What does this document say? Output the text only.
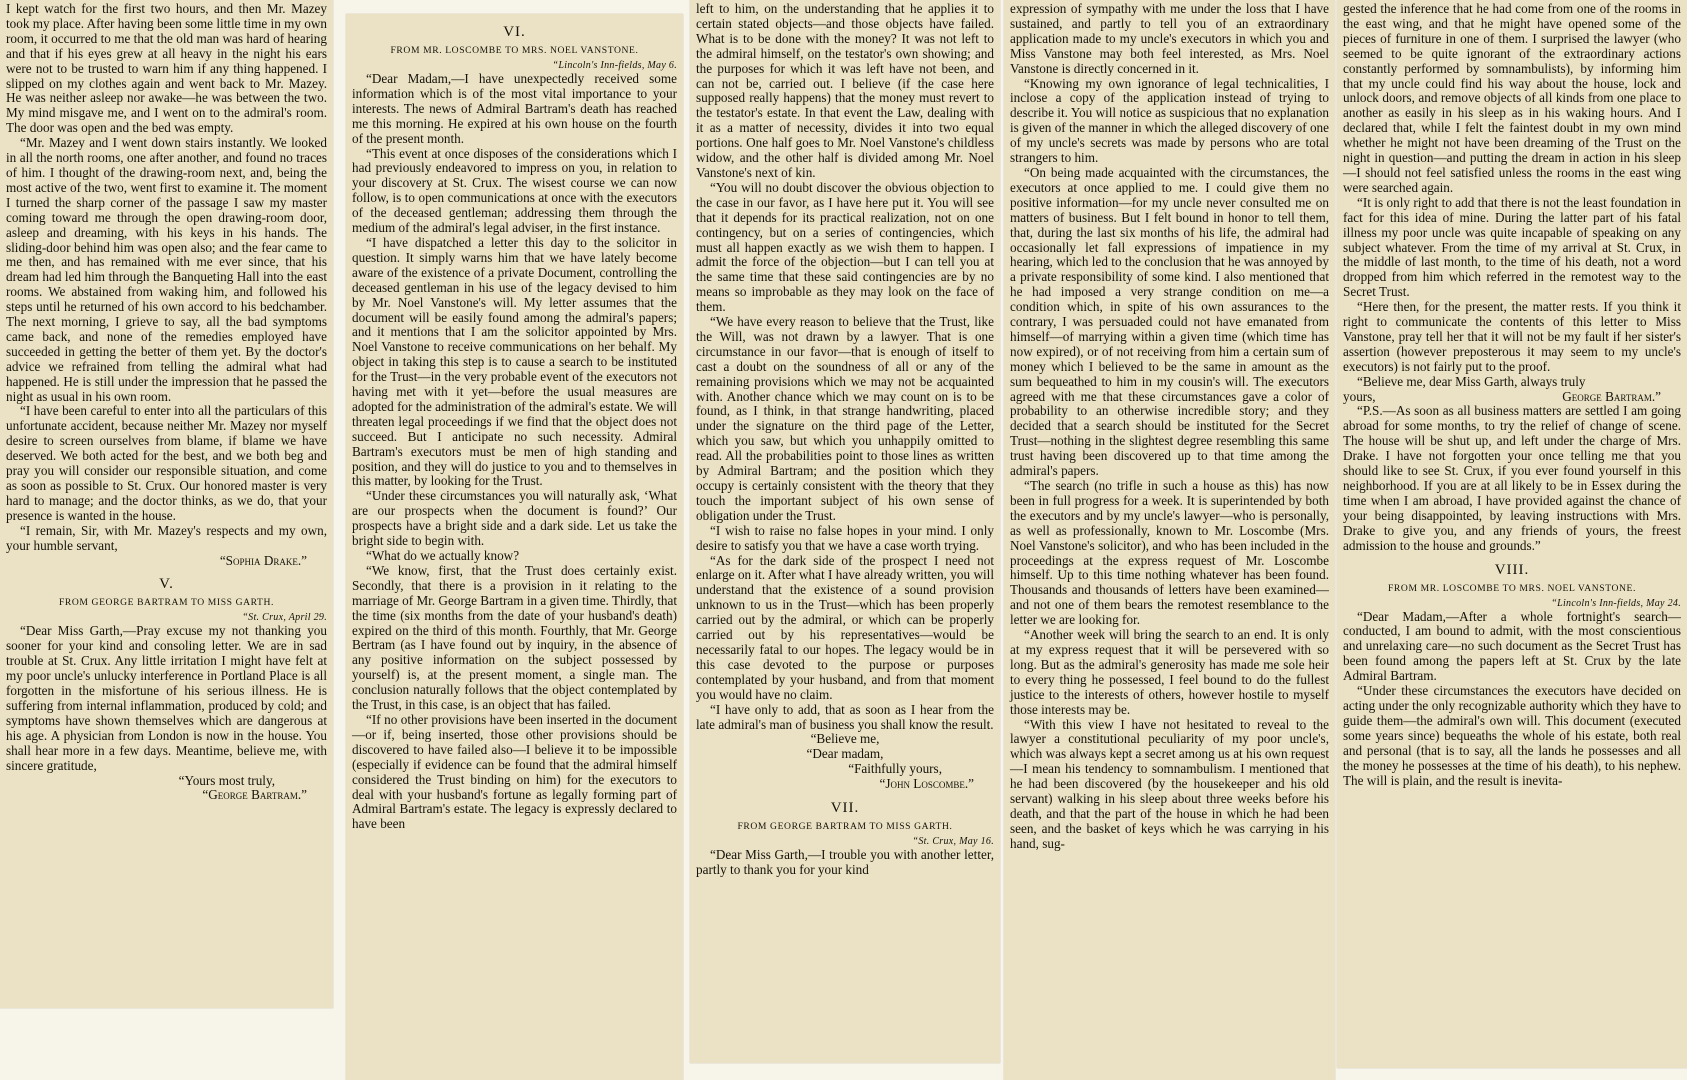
I kept watch for the first two hours, and then Mr. Mazey took my place. After having been some little time in my own room, it occurred to me that the old man was hard of hearing and that if his eyes grew at all heavy in the night his ears were not to be trusted to warn him if any thing happened. I slipped on my clothes again and went back to Mr. Mazey. He was neither asleep nor awake—he was between the two. My mind misgave me, and I went on to the admiral's room. The door was open and the bed was empty.

“Mr. Mazey and I went down stairs instantly. We looked in all the north rooms, one after another, and found no traces of him. I thought of the drawing-room next, and, being the most active of the two, went first to examine it. The moment I turned the sharp corner of the passage I saw my master coming toward me through the open drawing-room door, asleep and dreaming, with his keys in his hands. The sliding-door behind him was open also; and the fear came to me then, and has remained with me ever since, that his dream had led him through the Banqueting Hall into the east rooms. We abstained from waking him, and followed his steps until he returned of his own accord to his bedchamber. The next morning, I grieve to say, all the bad symptoms came back, and none of the remedies employed have succeeded in getting the better of them yet. By the doctor's advice we refrained from telling the admiral what had happened. He is still under the impression that he passed the night as usual in his own room.

“I have been careful to enter into all the particulars of this unfortunate accident, because neither Mr. Mazey nor myself desire to screen ourselves from blame, if blame we have deserved. We both acted for the best, and we both beg and pray you will consider our responsible situation, and come as soon as possible to St. Crux. Our honored master is very hard to manage; and the doctor thinks, as we do, that your presence is wanted in the house.

“I remain, Sir, with Mr. Mazey's respects and my own, your humble servant,

“Sophia Drake.”

V.
FROM GEORGE BARTRAM TO MISS GARTH.
“St. Crux, April 29.

“Dear Miss Garth,—Pray excuse my not thanking you sooner for your kind and consoling letter. We are in sad trouble at St. Crux. Any little irritation I might have felt at my poor uncle's unlucky interference in Portland Place is all forgotten in the misfortune of his serious illness. He is suffering from internal inflammation, produced by cold; and symptoms have shown themselves which are dangerous at his age. A physician from London is now in the house. You shall hear more in a few days. Meantime, believe me, with sincere gratitude,

“Yours most truly,

“George Bartram.”

VI.
FROM MR. LOSCOMBE TO MRS. NOEL VANSTONE.
“Lincoln's Inn-fields, May 6.

“Dear Madam,—I have unexpectedly received some information which is of the most vital importance to your interests. The news of Admiral Bartram's death has reached me this morning. He expired at his own house on the fourth of the present month.

“This event at once disposes of the considerations which I had previously endeavored to impress on you, in relation to your discovery at St. Crux. The wisest course we can now follow, is to open communications at once with the executors of the deceased gentleman; addressing them through the medium of the admiral's legal adviser, in the first instance.

“I have dispatched a letter this day to the solicitor in question. It simply warns him that we have lately become aware of the existence of a private Document, controlling the deceased gentleman in his use of the legacy devised to him by Mr. Noel Vanstone's will. My letter assumes that the document will be easily found among the admiral's papers; and it mentions that I am the solicitor appointed by Mrs. Noel Vanstone to receive communications on her behalf. My object in taking this step is to cause a search to be instituted for the Trust—in the very probable event of the executors not having met with it yet—before the usual measures are adopted for the administration of the admiral's estate. We will threaten legal proceedings if we find that the object does not succeed. But I anticipate no such necessity. Admiral Bartram's executors must be men of high standing and position, and they will do justice to you and to themselves in this matter, by looking for the Trust.

“Under these circumstances you will naturally ask, ‘What are our prospects when the document is found?’ Our prospects have a bright side and a dark side. Let us take the bright side to begin with.

“What do we actually know?

“We know, first, that the Trust does certainly exist. Secondly, that there is a provision in it relating to the marriage of Mr. George Bartram in a given time. Thirdly, that the time (six months from the date of your husband's death) expired on the third of this month. Fourthly, that Mr. George Bertram (as I have found out by inquiry, in the absence of any positive information on the subject possessed by yourself) is, at the present moment, a single man. The conclusion naturally follows that the object contemplated by the Trust, in this case, is an object that has failed.

“If no other provisions have been inserted in the document—or if, being inserted, those other provisions should be discovered to have failed also—I believe it to be impossible (especially if evidence can be found that the admiral himself considered the Trust binding on him) for the executors to deal with your husband's fortune as legally forming part of Admiral Bartram's estate. The legacy is expressly declared to have been

left to him, on the understanding that he applies it to certain stated objects—and those objects have failed. What is to be done with the money? It was not left to the admiral himself, on the testator's own showing; and the purposes for which it was left have not been, and can not be, carried out. I believe (if the case here supposed really happens) that the money must revert to the testator's estate. In that event the Law, dealing with it as a matter of necessity, divides it into two equal portions. One half goes to Mr. Noel Vanstone's childless widow, and the other half is divided among Mr. Noel Vanstone's next of kin.

“You will no doubt discover the obvious objection to the case in our favor, as I have here put it. You will see that it depends for its practical realization, not on one contingency, but on a series of contingencies, which must all happen exactly as we wish them to happen. I admit the force of the objection—but I can tell you at the same time that these said contingencies are by no means so improbable as they may look on the face of them.

“We have every reason to believe that the Trust, like the Will, was not drawn by a lawyer. That is one circumstance in our favor—that is enough of itself to cast a doubt on the soundness of all or any of the remaining provisions which we may not be acquainted with. Another chance which we may count on is to be found, as I think, in that strange handwriting, placed under the signature on the third page of the Letter, which you saw, but which you unhappily omitted to read. All the probabilities point to those lines as written by Admiral Bartram; and the position which they occupy is certainly consistent with the theory that they touch the important subject of his own sense of obligation under the Trust.

“I wish to raise no false hopes in your mind. I only desire to satisfy you that we have a case worth trying.

“As for the dark side of the prospect I need not enlarge on it. After what I have already written, you will understand that the existence of a sound provision unknown to us in the Trust—which has been properly carried out by the admiral, or which can be properly carried out by his representatives—would be necessarily fatal to our hopes. The legacy would be in this case devoted to the purpose or purposes contemplated by your husband, and from that moment you would have no claim.

“I have only to add, that as soon as I hear from the late admiral's man of business you shall know the result.

“Believe me,

“Dear madam,

“Faithfully yours,

“John Loscombe.”

VII.
FROM GEORGE BARTRAM TO MISS GARTH.
“St. Crux, May 16.

“Dear Miss Garth,—I trouble you with another letter, partly to thank you for your kind

expression of sympathy with me under the loss that I have sustained, and partly to tell you of an extraordinary application made to my uncle's executors in which you and Miss Vanstone may both feel interested, as Mrs. Noel Vanstone is directly concerned in it.

“Knowing my own ignorance of legal technicalities, I inclose a copy of the application instead of trying to describe it. You will notice as suspicious that no explanation is given of the manner in which the alleged discovery of one of my uncle's secrets was made by persons who are total strangers to him.

“On being made acquainted with the circumstances, the executors at once applied to me. I could give them no positive information—for my uncle never consulted me on matters of business. But I felt bound in honor to tell them, that, during the last six months of his life, the admiral had occasionally let fall expressions of impatience in my hearing, which led to the conclusion that he was annoyed by a private responsibility of some kind. I also mentioned that he had imposed a very strange condition on me—a condition which, in spite of his own assurances to the contrary, I was persuaded could not have emanated from himself—of marrying within a given time (which time has now expired), or of not receiving from him a certain sum of money which I believed to be the same in amount as the sum bequeathed to him in my cousin's will. The executors agreed with me that these circumstances gave a color of probability to an otherwise incredible story; and they decided that a search should be instituted for the Secret Trust—nothing in the slightest degree resembling this same trust having been discovered up to that time among the admiral's papers.

“The search (no trifle in such a house as this) has now been in full progress for a week. It is superintended by both the executors and by my uncle's lawyer—who is personally, as well as professionally, known to Mr. Loscombe (Mrs. Noel Vanstone's solicitor), and who has been included in the proceedings at the express request of Mr. Loscombe himself. Up to this time nothing whatever has been found. Thousands and thousands of letters have been examined—and not one of them bears the remotest resemblance to the letter we are looking for.

“Another week will bring the search to an end. It is only at my express request that it will be persevered with so long. But as the admiral's generosity has made me sole heir to every thing he possessed, I feel bound to do the fullest justice to the interests of others, however hostile to myself those interests may be.

“With this view I have not hesitated to reveal to the lawyer a constitutional peculiarity of my poor uncle's, which was always kept a secret among us at his own request—I mean his tendency to somnambulism. I mentioned that he had been discovered (by the housekeeper and his old servant) walking in his sleep about three weeks before his death, and that the part of the house in which he had been seen, and the basket of keys which he was carrying in his hand, sug-

gested the inference that he had come from one of the rooms in the east wing, and that he might have opened some of the pieces of furniture in one of them. I surprised the lawyer (who seemed to be quite ignorant of the extraordinary actions constantly performed by somnambulists), by informing him that my uncle could find his way about the house, lock and unlock doors, and remove objects of all kinds from one place to another as easily in his sleep as in his waking hours. And I declared that, while I felt the faintest doubt in my own mind whether he might not have been dreaming of the Trust on the night in question—and putting the dream in action in his sleep—I should not feel satisfied unless the rooms in the east wing were searched again.

“It is only right to add that there is not the least foundation in fact for this idea of mine. During the latter part of his fatal illness my poor uncle was quite incapable of speaking on any subject whatever. From the time of my arrival at St. Crux, in the middle of last month, to the time of his death, not a word dropped from him which referred in the remotest way to the Secret Trust.

“Here then, for the present, the matter rests. If you think it right to communicate the contents of this letter to Miss Vanstone, pray tell her that it will not be my fault if her sister's assertion (however preposterous it may seem to my uncle's executors) is not fairly put to the proof.

“Believe me, dear Miss Garth, always truly

yours,	George Bartram.”

“P.S.—As soon as all business matters are settled I am going abroad for some months, to try the relief of change of scene. The house will be shut up, and left under the charge of Mrs. Drake. I have not forgotten your once telling me that you should like to see St. Crux, if you ever found yourself in this neighborhood. If you are at all likely to be in Essex during the time when I am abroad, I have provided against the chance of your being disappointed, by leaving instructions with Mrs. Drake to give you, and any friends of yours, the freest admission to the house and grounds.”

VIII.
FROM MR. LOSCOMBE TO MRS. NOEL VANSTONE.
“Lincoln's Inn-fields, May 24.

“Dear Madam,—After a whole fortnight's search—conducted, I am bound to admit, with the most conscientious and unrelaxing care—no such document as the Secret Trust has been found among the papers left at St. Crux by the late Admiral Bartram.

“Under these circumstances the executors have decided on acting under the only recognizable authority which they have to guide them—the admiral's own will. This document (executed some years since) bequeaths the whole of his estate, both real and personal (that is to say, all the lands he possesses and all the money he possesses at the time of his death), to his nephew. The will is plain, and the result is inevita-
